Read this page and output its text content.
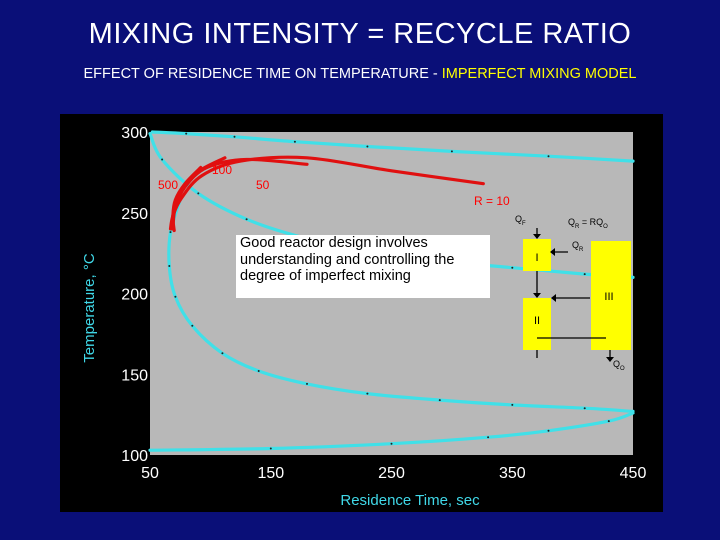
MIXING INTENSITY = RECYCLE RATIO
EFFECT OF RESIDENCE TIME ON TEMPERATURE - IMPERFECT MIXING MODEL
300
250
200
150
100
50	150	250	350	450
500
100
50
R = 10
Temperature, °C
Residence Time, sec
Good reactor design involves understanding and controlling the degree of imperfect mixing
$Q_F$	$Q_R = RQ_O$
$Q_R$
$Q_O$
I
II
III
